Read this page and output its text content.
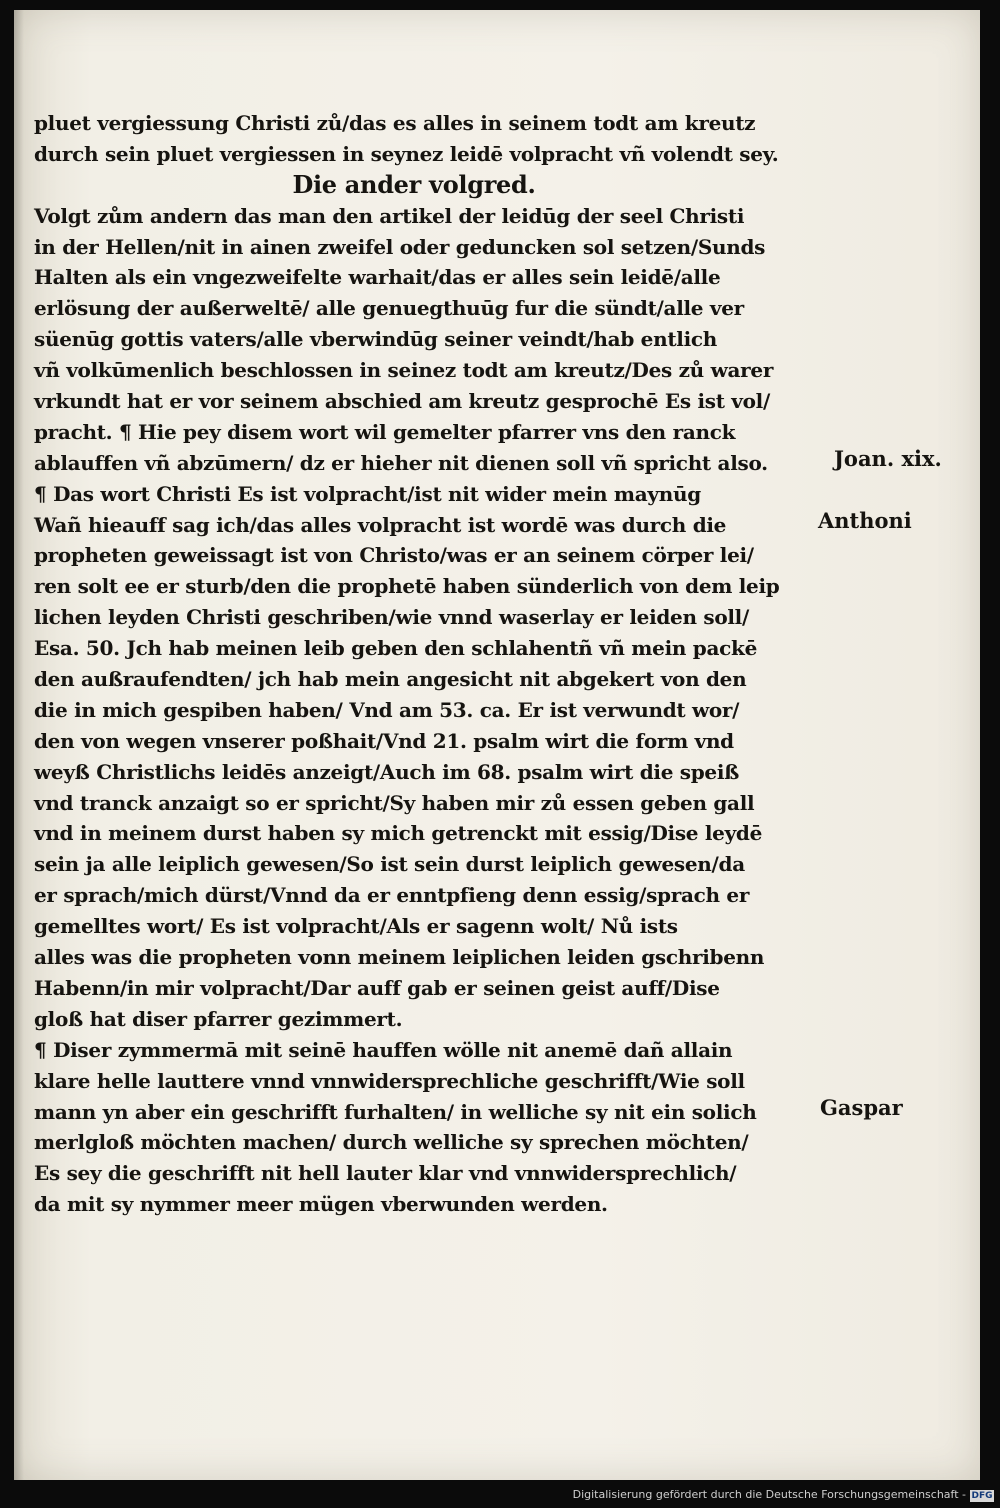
pluet vergiessung Christi zů/das es alles in seinem todt am kreutz
durch sein pluet vergiessen in seynez leidē volpracht vñ volendt sey.
Die ander volgred.
Volgt zům andern das man den artikel der leidūg der seel Christi
in der Hellen/nit in ainen zweifel oder geduncken sol setzen/Sunds
Halten als ein vngezweifelte warhait/das er alles sein leidē/alle
erlösung der außerweltē/ alle genuegthuūg fur die sündt/alle ver
süenūg gottis vaters/alle vberwindūg seiner veindt/hab entlich
vñ volkūmenlich beschlossen in seinez todt am kreutz/Des zů warer
vrkundt hat er vor seinem abschied am kreutz gesprochē Es ist vol/
pracht. ¶ Hie pey disem wort wil gemelter pfarrer vns den ranck
ablauffen vñ abzūmern/ dz er hieher nit dienen soll vñ spricht also.
¶ Das wort Christi Es ist volpracht/ist nit wider mein maynūg
Wañ hieauff sag ich/das alles volpracht ist wordē was durch die
propheten geweissagt ist von Christo/was er an seinem cörper lei/
ren solt ee er sturb/den die prophetē haben sünderlich von dem leip
lichen leyden Christi geschriben/wie vnnd waserlay er leiden soll/
Esa. 50. Jch hab meinen leib geben den schlahentñ vñ mein packē
den außraufendten/ jch hab mein angesicht nit abgekert von den
die in mich gespiben haben/ Vnd am 53. ca. Er ist verwundt wor/
den von wegen vnserer poßhait/Vnd 21. psalm wirt die form vnd
weyß Christlichs leidēs anzeigt/Auch im 68. psalm wirt die speiß
vnd tranck anzaigt so er spricht/Sy haben mir zů essen geben gall
vnd in meinem durst haben sy mich getrenckt mit essig/Dise leydē
sein ja alle leiplich gewesen/So ist sein durst leiplich gewesen/da
er sprach/mich dürst/Vnnd da er enntpfieng denn essig/sprach er
gemelltes wort/ Es ist volpracht/Als er sagenn wolt/ Nů ists
alles was die propheten vonn meinem leiplichen leiden gschribenn
Habenn/in mir volpracht/Dar auff gab er seinen geist auff/Dise
gloß hat diser pfarrer gezimmert.
¶ Diser zymmermā mit seinē hauffen wölle nit anemē dañ allain
klare helle lauttere vnnd vnnwidersprechliche geschrifft/Wie soll
mann yn aber ein geschrifft furhalten/ in welliche sy nit ein solich
merlgloß möchten machen/ durch welliche sy sprechen möchten/
Es sey die geschrifft nit hell lauter klar vnd vnnwidersprechlich/
da mit sy nymmer meer mügen vberwunden werden.
Joan. xix.
Anthoni
Gaspar
Digitalisierung gefördert durch die Deutsche Forschungsgemeinschaft - DFG
